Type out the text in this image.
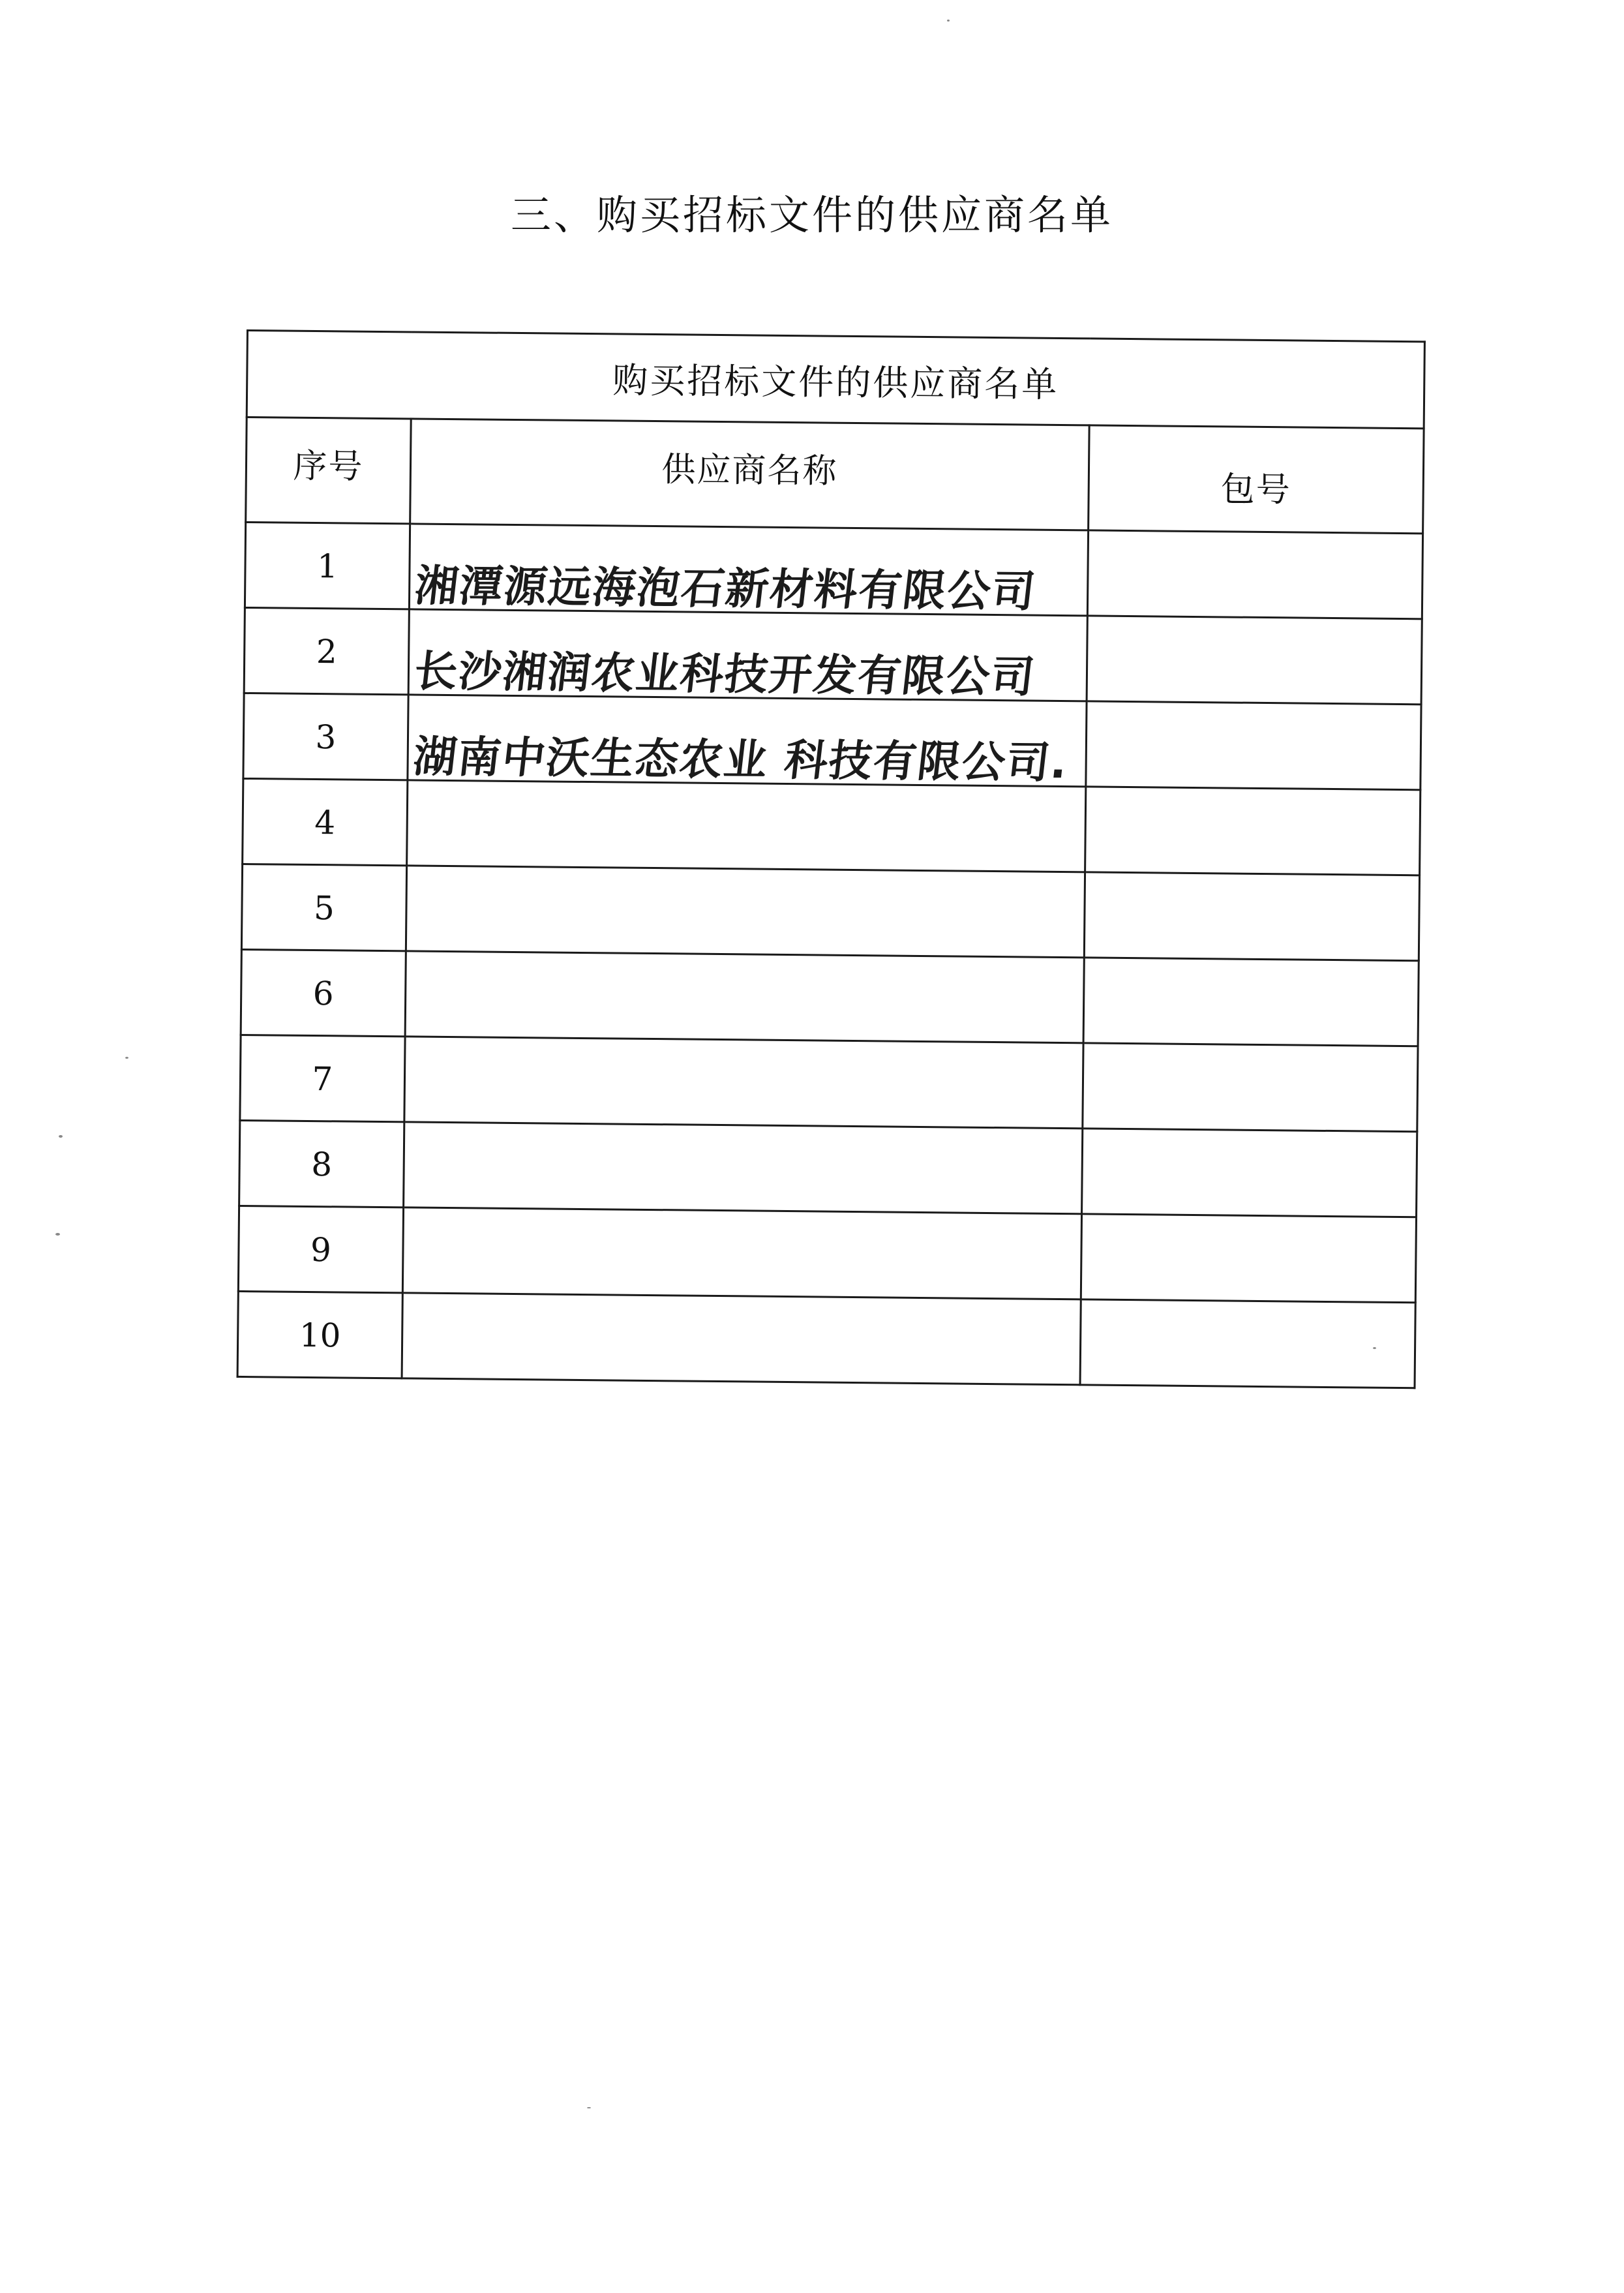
三、购买招标文件的供应商名单
购买招标文件的供应商名单		
序号	供应商名称	包号
1	湘潭源远海泡石新材料有限公司	

2	长沙湘润农业科技开发有限公司	

3	湖南中沃生态农业 科技有限公司.	

4	

5	

6	

7	

8	

9	

10	
